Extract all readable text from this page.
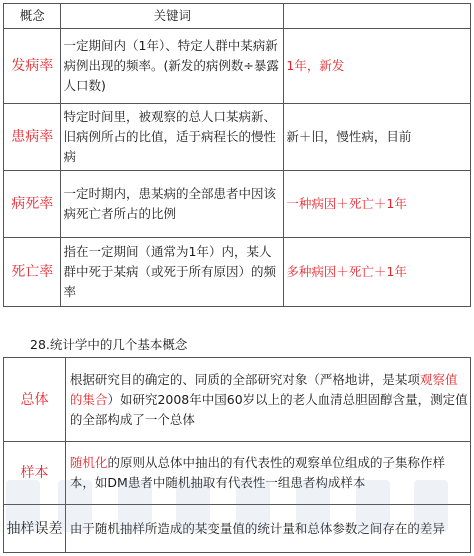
概念	关键词	
发病率	一定期间内（1年）、特定人群中某病新病例出现的频率。(新发的病例数÷暴露人口数)	1年，新发
患病率	特定时间里，被观察的总人口某病新、旧病例所占的比值，适于病程长的慢性病	新＋旧，慢性病，目前
病死率	一定时期内，患某病的全部患者中因该病死亡者所占的比例	一种病因＋死亡＋1年
死亡率	指在一定期间（通常为1年）内，某人群中死于某病（或死于所有原因）的频率	多种病因＋死亡＋1年
28.统计学中的几个基本概念
总体	根据研究目的确定的、同质的全部研究对象（严格地讲，是某项观察值的集合）如研究2008年中国60岁以上的老人血清总胆固醇含量，测定值的全部构成了一个总体
样本	随机化的原则从总体中抽出的有代表性的观察单位组成的子集称作样本，如DM患者中随机抽取有代表性一组患者构成样本
抽样误差	由于随机抽样所造成的某变量值的统计量和总体参数之间存在的差异
